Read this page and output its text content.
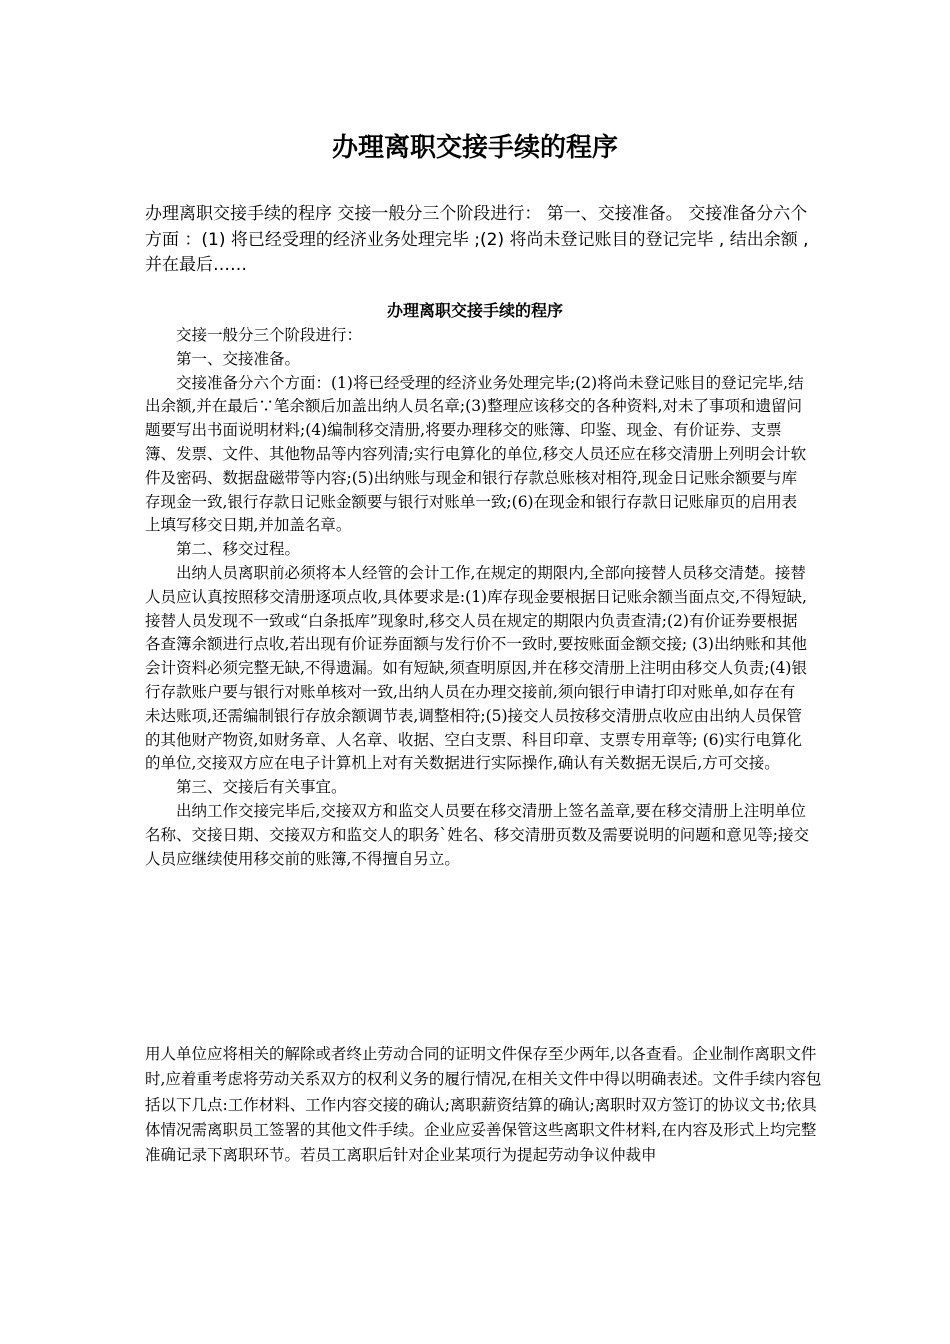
办理离职交接手续的程序

办理离职交接手续的程序 交接一般分三个阶段进行： 第一、交接准备。 交接准备分六个方面 ：(1) 将已经受理的经济业务处理完毕 ;(2) 将尚未登记账目的登记完毕 , 结出余额 , 并在最后……

办理离职交接手续的程序

交接一般分三个阶段进行：

第一、交接准备。

交接准备分六个方面：(1)将已经受理的经济业务处理完毕;(2)将尚未登记账目的登记完毕,结出余额,并在最后∵笔余额后加盖出纳人员名章;(3)整理应该移交的各种资料,对未了事项和遗留问题要写出书面说明材料;(4)编制移交清册,将要办理移交的账簿、印鉴、现金、有价证券、支票簿、发票、文件、其他物品等内容列清;实行电算化的单位,移交人员还应在移交清册上列明会计软件及密码、数据盘磁带等内容;(5)出纳账与现金和银行存款总账核对相符,现金日记账余额要与库存现金一致,银行存款日记账金额要与银行对账单一致;(6)在现金和银行存款日记账扉页的启用表上填写移交日期,并加盖名章。

第二、移交过程。

出纳人员离职前必须将本人经管的会计工作,在规定的期限内,全部向接替人员移交清楚。接替人员应认真按照移交清册逐项点收,具体要求是:(1)库存现金要根据日记账余额当面点交,不得短缺,接替人员发现不一致或“白条抵库”现象时,移交人员在规定的期限内负责查清;(2)有价证券要根据各查簿余额进行点收,若出现有价证券面额与发行价不一致时,要按账面金额交接; (3)出纳账和其他会计资料必须完整无缺,不得遗漏。如有短缺,须查明原因,并在移交清册上注明由移交人负责;(4)银行存款账户要与银行对账单核对一致,出纳人员在办理交接前,须向银行申请打印对账单,如存在有未达账项,还需编制银行存放余额调节表,调整相符;(5)接交人员按移交清册点收应由出纳人员保管的其他财产物资,如财务章、人名章、收据、空白支票、科目印章、支票专用章等; (6)实行电算化的单位,交接双方应在电子计算机上对有关数据进行实际操作,确认有关数据无误后,方可交接。

第三、交接后有关事宜。

出纳工作交接完毕后,交接双方和监交人员要在移交清册上签名盖章,要在移交清册上注明单位名称、交接日期、交接双方和监交人的职务`姓名、移交清册页数及需要说明的问题和意见等;接交人员应继续使用移交前的账簿,不得擅自另立。

用人单位应将相关的解除或者终止劳动合同的证明文件保存至少两年,以各查看。企业制作离职文件时,应着重考虑将劳动关系双方的权利义务的履行情况,在相关文件中得以明确表述。文件手续内容包括以下几点:工作材料、工作内容交接的确认;离职薪资结算的确认;离职时双方签订的协议文书;依具体情况需离职员工签署的其他文件手续。企业应妥善保管这些离职文件材料,在内容及形式上均完整准确记录下离职环节。若员工离职后针对企业某项行为提起劳动争议仲裁申
